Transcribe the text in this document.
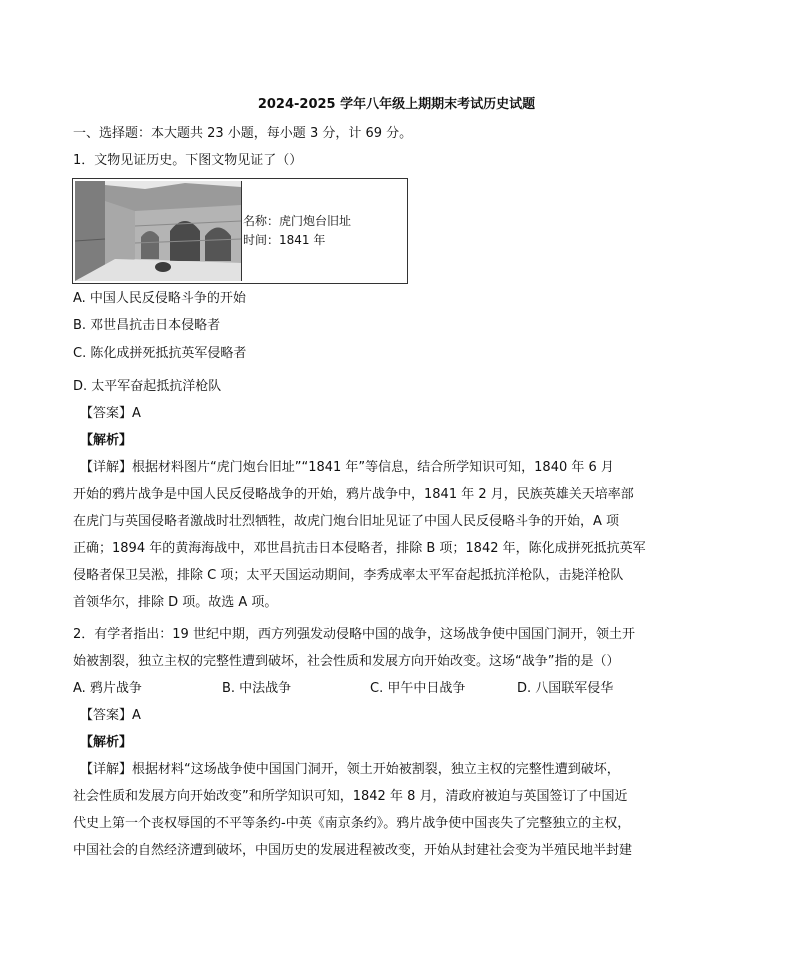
2024-2025 学年八年级上期期末考试历史试题
一、选择题：本大题共 23 小题，每小题 3 分，计 69 分。
1．文物见证历史。下图文物见证了（）
名称：虎门炮台旧址
时间：1841 年
A. 中国人民反侵略斗争的开始
B. 邓世昌抗击日本侵略者
C. 陈化成拼死抵抗英军侵略者
D. 太平军奋起抵抗洋枪队
【答案】A
【解析】
【详解】根据材料图片“虎门炮台旧址”“1841 年”等信息，结合所学知识可知，1840 年 6 月
开始的鸦片战争是中国人民反侵略战争的开始，鸦片战争中，1841 年 2 月，民族英雄关天培率部
在虎门与英国侵略者激战时壮烈牺牲，故虎门炮台旧址见证了中国人民反侵略斗争的开始，A 项
正确；1894 年的黄海海战中，邓世昌抗击日本侵略者，排除 B 项；1842 年，陈化成拼死抵抗英军
侵略者保卫吴淞，排除 C 项；太平天国运动期间，李秀成率太平军奋起抵抗洋枪队，击毙洋枪队
首领华尔，排除 D 项。故选 A 项。
2．有学者指出：19 世纪中期，西方列强发动侵略中国的战争，这场战争使中国国门洞开，领土开
始被割裂，独立主权的完整性遭到破坏，社会性质和发展方向开始改变。这场“战争”指的是（）
A. 鸦片战争	B. 中法战争	C. 甲午中日战争	D. 八国联军侵华
【答案】A
【解析】
【详解】根据材料“这场战争使中国国门洞开，领土开始被割裂，独立主权的完整性遭到破坏，
社会性质和发展方向开始改变”和所学知识可知，1842 年 8 月，清政府被迫与英国签订了中国近
代史上第一个丧权辱国的不平等条约-中英《南京条约》。鸦片战争使中国丧失了完整独立的主权，
中国社会的自然经济遭到破坏，中国历史的发展进程被改变，开始从封建社会变为半殖民地半封建
